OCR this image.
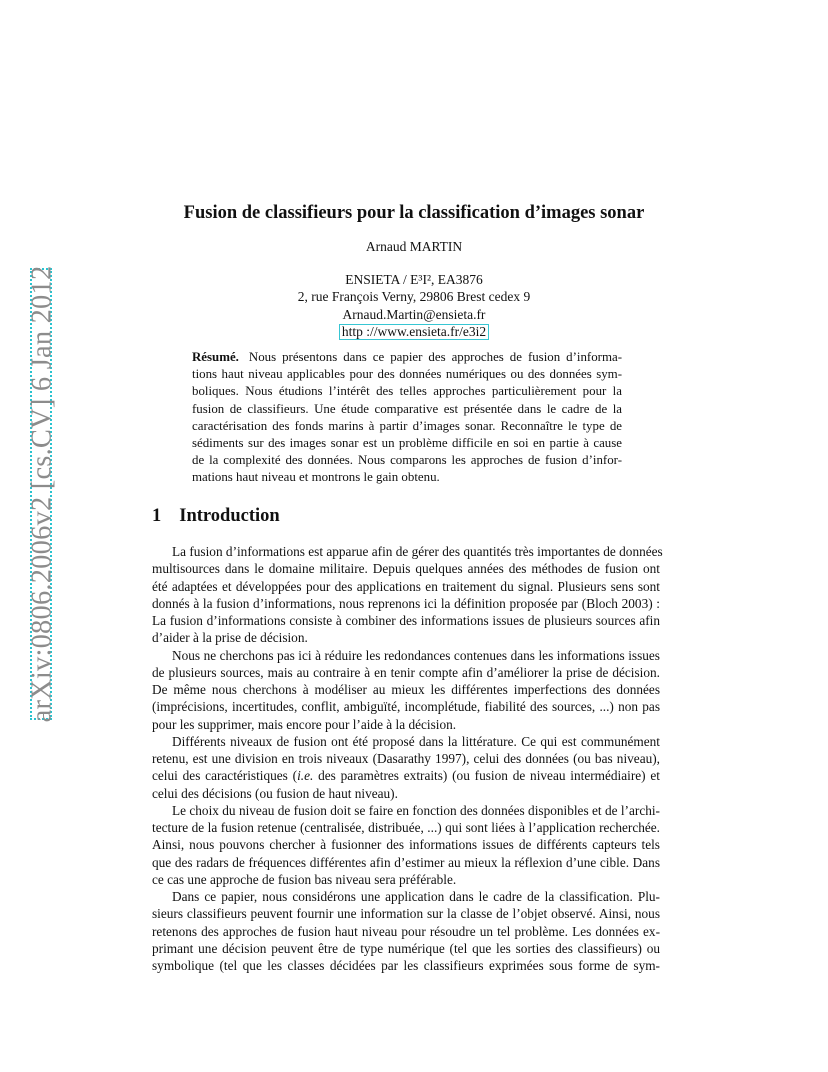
arXiv:0806.2006v2 [cs.CV] 6 Jan 2012
Fusion de classifieurs pour la classification d’images sonar
Arnaud MARTIN
ENSIETA / E³I², EA3876
2, rue François Verny, 29806 Brest cedex 9
Arnaud.Martin@ensieta.fr
http ://www.ensieta.fr/e3i2
Résumé. Nous présentons dans ce papier des approches de fusion d’informa-
tions haut niveau applicables pour des données numériques ou des données sym-
boliques. Nous étudions l’intérêt des telles approches particulièrement pour la
fusion de classifieurs. Une étude comparative est présentée dans le cadre de la
caractérisation des fonds marins à partir d’images sonar. Reconnaître le type de
sédiments sur des images sonar est un problème difficile en soi en partie à cause
de la complexité des données. Nous comparons les approches de fusion d’infor-
mations haut niveau et montrons le gain obtenu.
1 Introduction
La fusion d’informations est apparue afin de gérer des quantités très importantes de données
multisources dans le domaine militaire. Depuis quelques années des méthodes de fusion ont
été adaptées et développées pour des applications en traitement du signal. Plusieurs sens sont
donnés à la fusion d’informations, nous reprenons ici la définition proposée par (Bloch 2003) :
La fusion d’informations consiste à combiner des informations issues de plusieurs sources afin
d’aider à la prise de décision.
Nous ne cherchons pas ici à réduire les redondances contenues dans les informations issues
de plusieurs sources, mais au contraire à en tenir compte afin d’améliorer la prise de décision.
De même nous cherchons à modéliser au mieux les différentes imperfections des données
(imprécisions, incertitudes, conflit, ambiguïté, incomplétude, fiabilité des sources, ...) non pas
pour les supprimer, mais encore pour l’aide à la décision.
Différents niveaux de fusion ont été proposé dans la littérature. Ce qui est communément
retenu, est une division en trois niveaux (Dasarathy 1997), celui des données (ou bas niveau),
celui des caractéristiques (i.e. des paramètres extraits) (ou fusion de niveau intermédiaire) et
celui des décisions (ou fusion de haut niveau).
Le choix du niveau de fusion doit se faire en fonction des données disponibles et de l’archi-
tecture de la fusion retenue (centralisée, distribuée, ...) qui sont liées à l’application recherchée.
Ainsi, nous pouvons chercher à fusionner des informations issues de différents capteurs tels
que des radars de fréquences différentes afin d’estimer au mieux la réflexion d’une cible. Dans
ce cas une approche de fusion bas niveau sera préférable.
Dans ce papier, nous considérons une application dans le cadre de la classification. Plu-
sieurs classifieurs peuvent fournir une information sur la classe de l’objet observé. Ainsi, nous
retenons des approches de fusion haut niveau pour résoudre un tel problème. Les données ex-
primant une décision peuvent être de type numérique (tel que les sorties des classifieurs) ou
symbolique (tel que les classes décidées par les classifieurs exprimées sous forme de sym-
